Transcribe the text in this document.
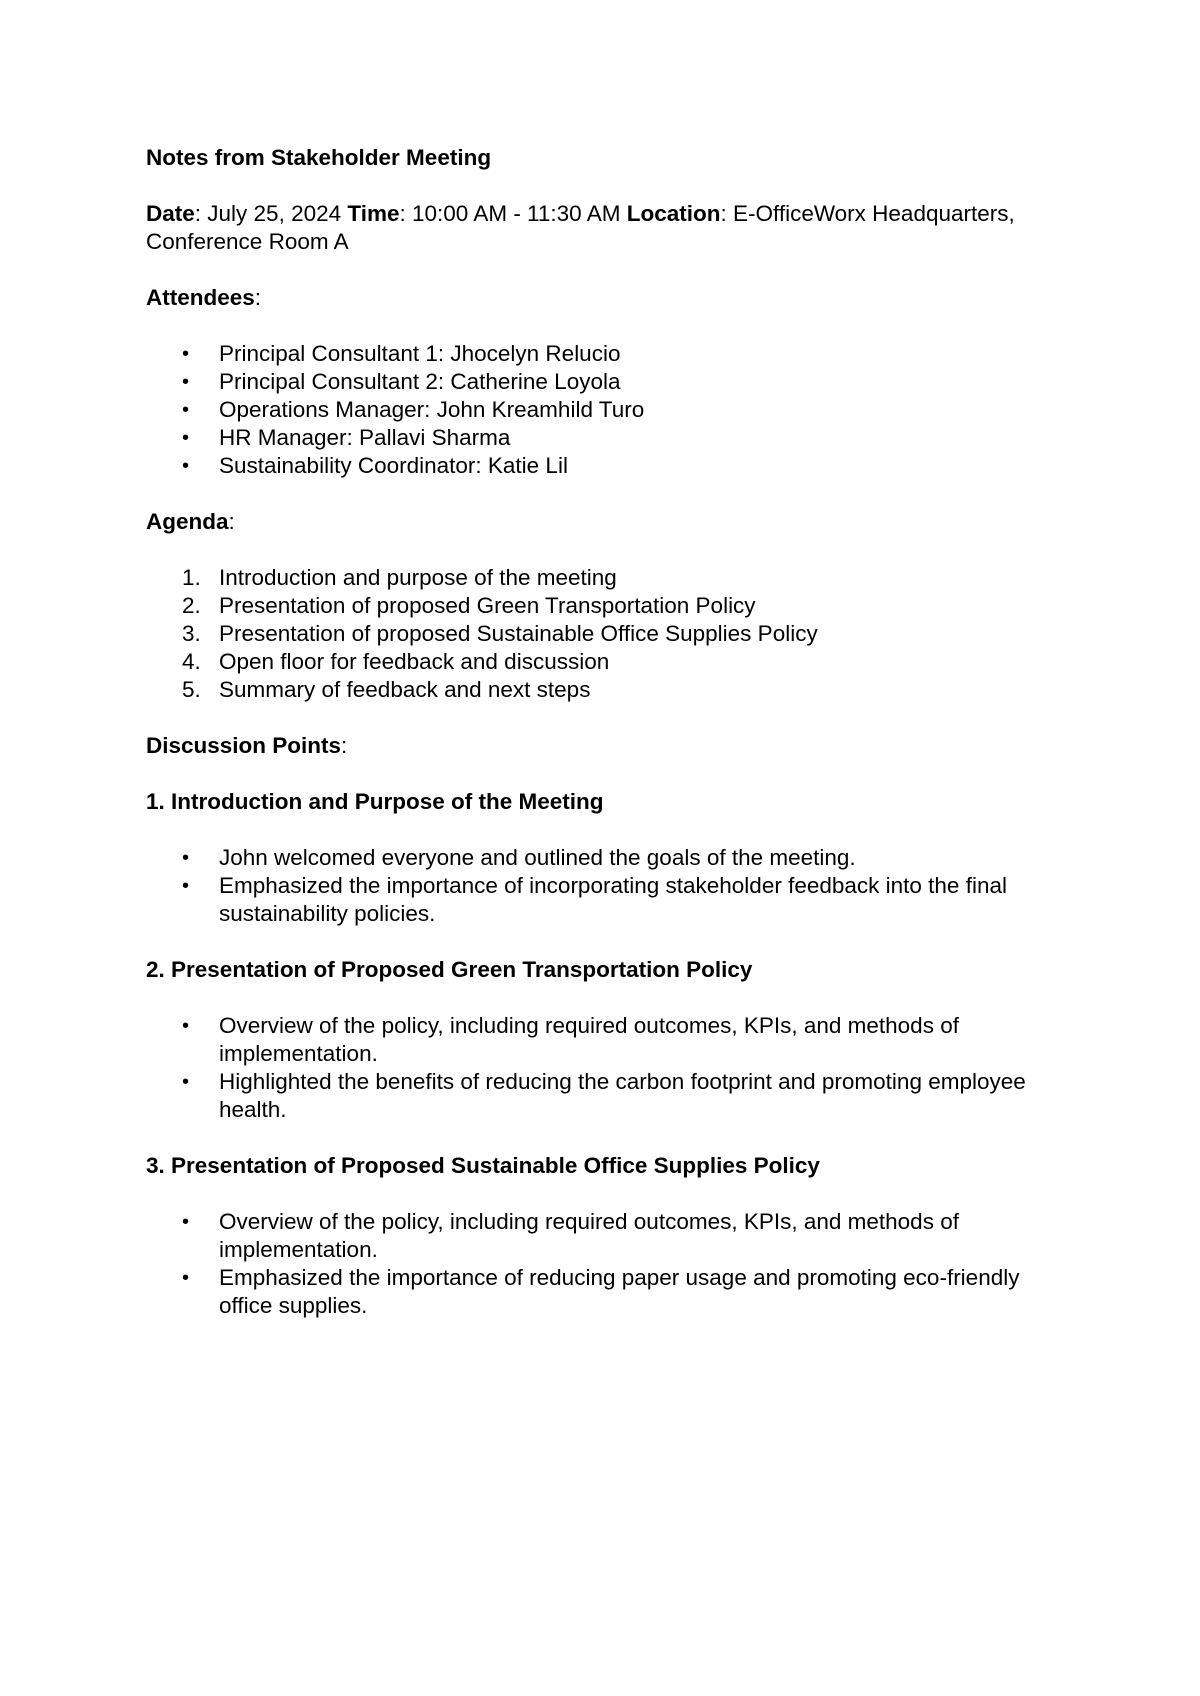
Notes from Stakeholder Meeting

Date: July 25, 2024 Time: 10:00 AM - 11:30 AM Location: E-OfficeWorx Headquarters, Conference Room A

Attendees:

• Principal Consultant 1: Jhocelyn Relucio
• Principal Consultant 2: Catherine Loyola
• Operations Manager: John Kreamhild Turo
• HR Manager: Pallavi Sharma
• Sustainability Coordinator: Katie Lil

Agenda:

1. Introduction and purpose of the meeting
2. Presentation of proposed Green Transportation Policy
3. Presentation of proposed Sustainable Office Supplies Policy
4. Open floor for feedback and discussion
5. Summary of feedback and next steps

Discussion Points:

1. Introduction and Purpose of the Meeting

• John welcomed everyone and outlined the goals of the meeting.
• Emphasized the importance of incorporating stakeholder feedback into the final sustainability policies.

2. Presentation of Proposed Green Transportation Policy

• Overview of the policy, including required outcomes, KPIs, and methods of implementation.
• Highlighted the benefits of reducing the carbon footprint and promoting employee health.

3. Presentation of Proposed Sustainable Office Supplies Policy

• Overview of the policy, including required outcomes, KPIs, and methods of implementation.
• Emphasized the importance of reducing paper usage and promoting eco-friendly office supplies.
